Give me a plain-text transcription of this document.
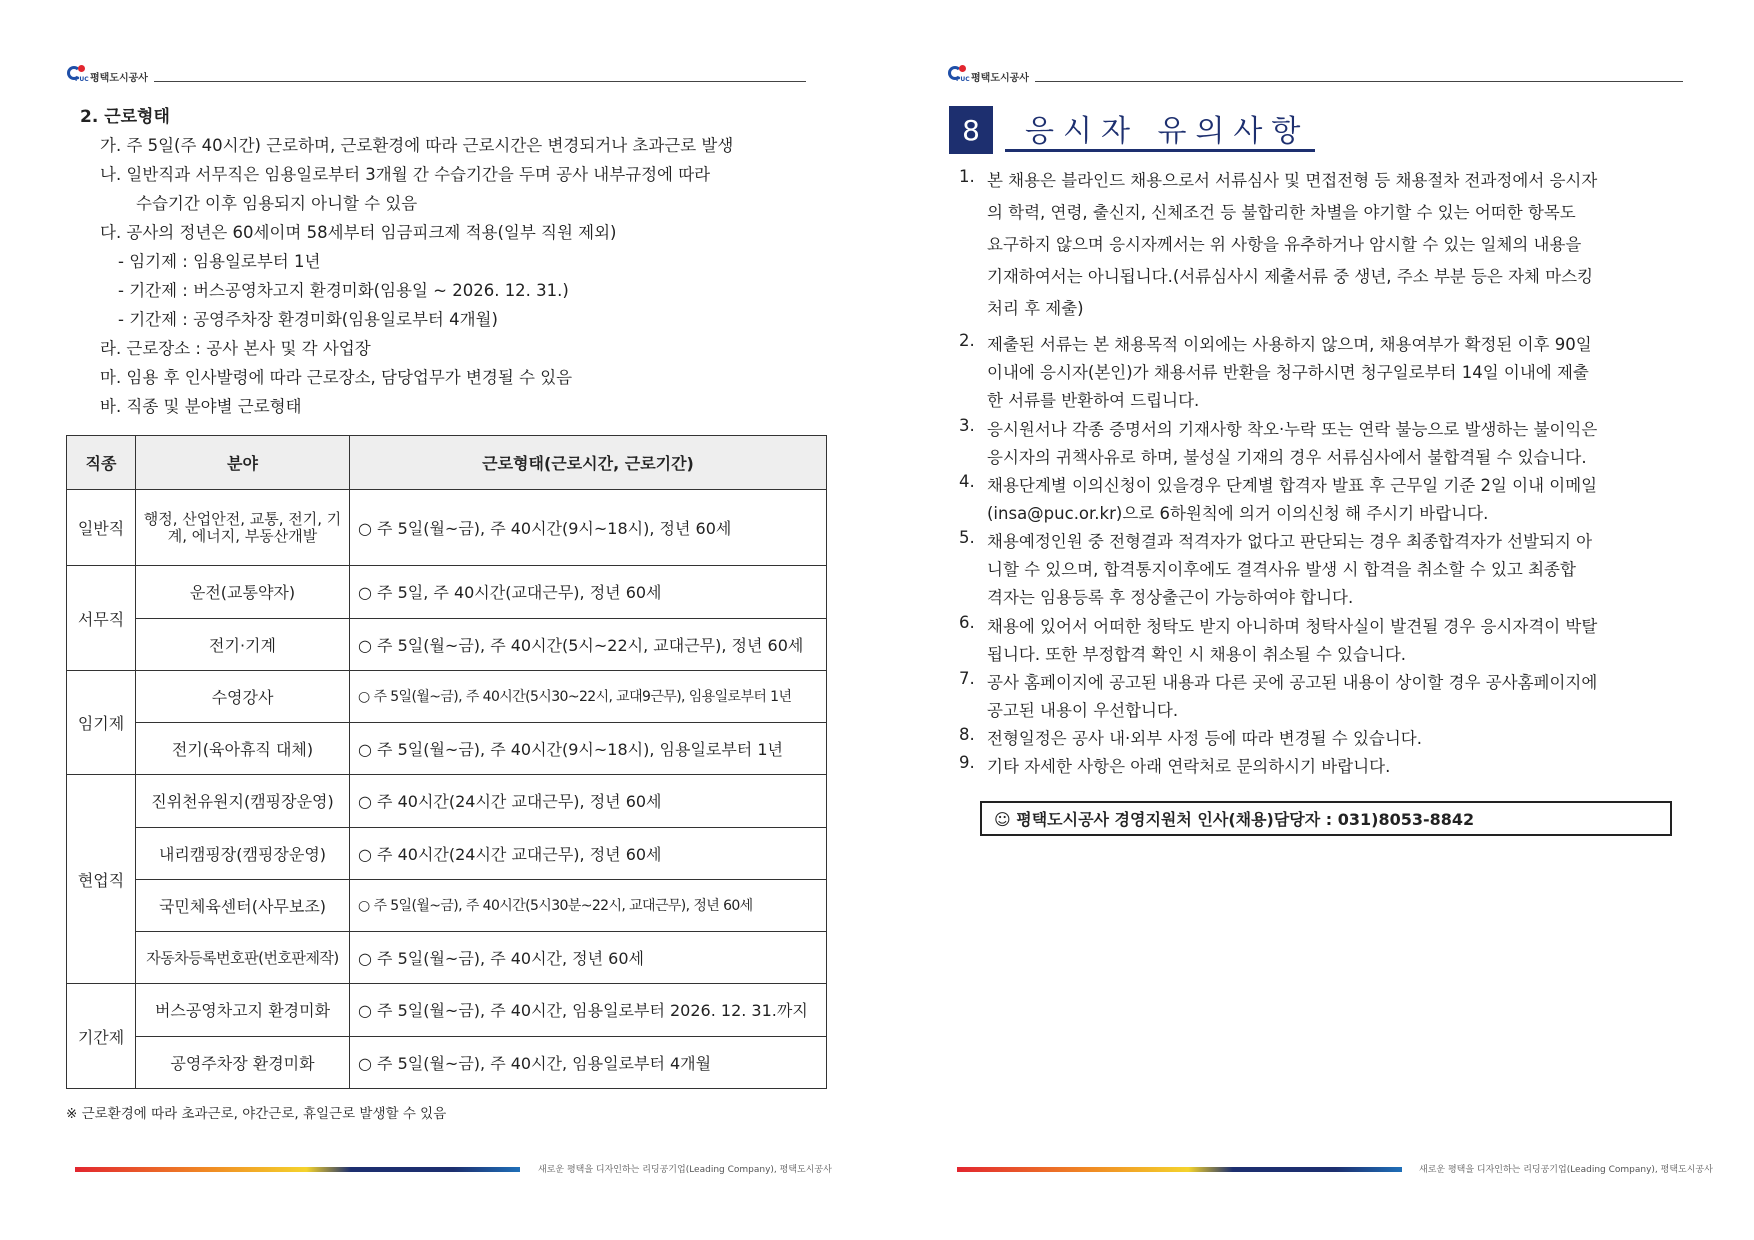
PUC 평택도시공사
2. 근로형태
가. 주 5일(주 40시간) 근로하며, 근로환경에 따라 근로시간은 변경되거나 초과근로 발생
나. 일반직과 서무직은 임용일로부터 3개월 간 수습기간을 두며 공사 내부규정에 따라
수습기간 이후 임용되지 아니할 수 있음
다. 공사의 정년은 60세이며 58세부터 임금피크제 적용(일부 직원 제외)
- 임기제 : 임용일로부터 1년
- 기간제 : 버스공영차고지 환경미화(임용일 ~ 2026. 12. 31.)
- 기간제 : 공영주차장 환경미화(임용일로부터 4개월)
라. 근로장소 : 공사 본사 및 각 사업장
마. 임용 후 인사발령에 따라 근로장소, 담당업무가 변경될 수 있음
바. 직종 및 분야별 근로형태
직종	분야	근로형태(근로시간, 근로기간)
일반직	행정, 산업안전, 교통, 전기, 기계, 에너지, 부동산개발	○ 주 5일(월~금), 주 40시간(9시~18시), 정년 60세
서무직	운전(교통약자)	○ 주 5일, 주 40시간(교대근무), 정년 60세
	전기·기계	○ 주 5일(월~금), 주 40시간(5시~22시, 교대근무), 정년 60세
임기제	수영강사	○ 주 5일(월~금), 주 40시간(5시30~22시, 교대9근무), 임용일로부터 1년
	전기(육아휴직 대체)	○ 주 5일(월~금), 주 40시간(9시~18시), 임용일로부터 1년
현업직	진위천유원지(캠핑장운영)	○ 주 40시간(24시간 교대근무), 정년 60세
	내리캠핑장(캠핑장운영)	○ 주 40시간(24시간 교대근무), 정년 60세
	국민체육센터(사무보조)	○ 주 5일(월~금), 주 40시간(5시30분~22시, 교대근무), 정년 60세
	자동차등록번호판(번호판제작)	○ 주 5일(월~금), 주 40시간, 정년 60세
기간제	버스공영차고지 환경미화	○ 주 5일(월~금), 주 40시간, 임용일로부터 2026. 12. 31.까지
	공영주차장 환경미화	○ 주 5일(월~금), 주 40시간, 임용일로부터 4개월
※ 근로환경에 따라 초과근로, 야간근로, 휴일근로 발생할 수 있음
새로운 평택을 디자인하는 리딩공기업(Leading Company), 평택도시공사
PUC 평택도시공사
8	응시자 유의사항
1. 본 채용은 블라인드 채용으로서 서류심사 및 면접전형 등 채용절차 전과정에서 응시자
의 학력, 연령, 출신지, 신체조건 등 불합리한 차별을 야기할 수 있는 어떠한 항목도
요구하지 않으며 응시자께서는 위 사항을 유추하거나 암시할 수 있는 일체의 내용을
기재하여서는 아니됩니다.(서류심사시 제출서류 중 생년, 주소 부분 등은 자체 마스킹
처리 후 제출)
2. 제출된 서류는 본 채용목적 이외에는 사용하지 않으며, 채용여부가 확정된 이후 90일
이내에 응시자(본인)가 채용서류 반환을 청구하시면 청구일로부터 14일 이내에 제출
한 서류를 반환하여 드립니다.
3. 응시원서나 각종 증명서의 기재사항 착오·누락 또는 연락 불능으로 발생하는 불이익은
응시자의 귀책사유로 하며, 불성실 기재의 경우 서류심사에서 불합격될 수 있습니다.
4. 채용단계별 이의신청이 있을경우 단계별 합격자 발표 후 근무일 기준 2일 이내 이메일
(insa@puc.or.kr)으로 6하원칙에 의거 이의신청 해 주시기 바랍니다.
5. 채용예정인원 중 전형결과 적격자가 없다고 판단되는 경우 최종합격자가 선발되지 아
니할 수 있으며, 합격통지이후에도 결격사유 발생 시 합격을 취소할 수 있고 최종합
격자는 임용등록 후 정상출근이 가능하여야 합니다.
6. 채용에 있어서 어떠한 청탁도 받지 아니하며 청탁사실이 발견될 경우 응시자격이 박탈
됩니다. 또한 부정합격 확인 시 채용이 취소될 수 있습니다.
7. 공사 홈페이지에 공고된 내용과 다른 곳에 공고된 내용이 상이할 경우 공사홈페이지에
공고된 내용이 우선합니다.
8. 전형일정은 공사 내·외부 사정 등에 따라 변경될 수 있습니다.
9. 기타 자세한 사항은 아래 연락처로 문의하시기 바랍니다.
☺ 평택도시공사 경영지원처 인사(채용)담당자 : 031)8053-8842
새로운 평택을 디자인하는 리딩공기업(Leading Company), 평택도시공사
